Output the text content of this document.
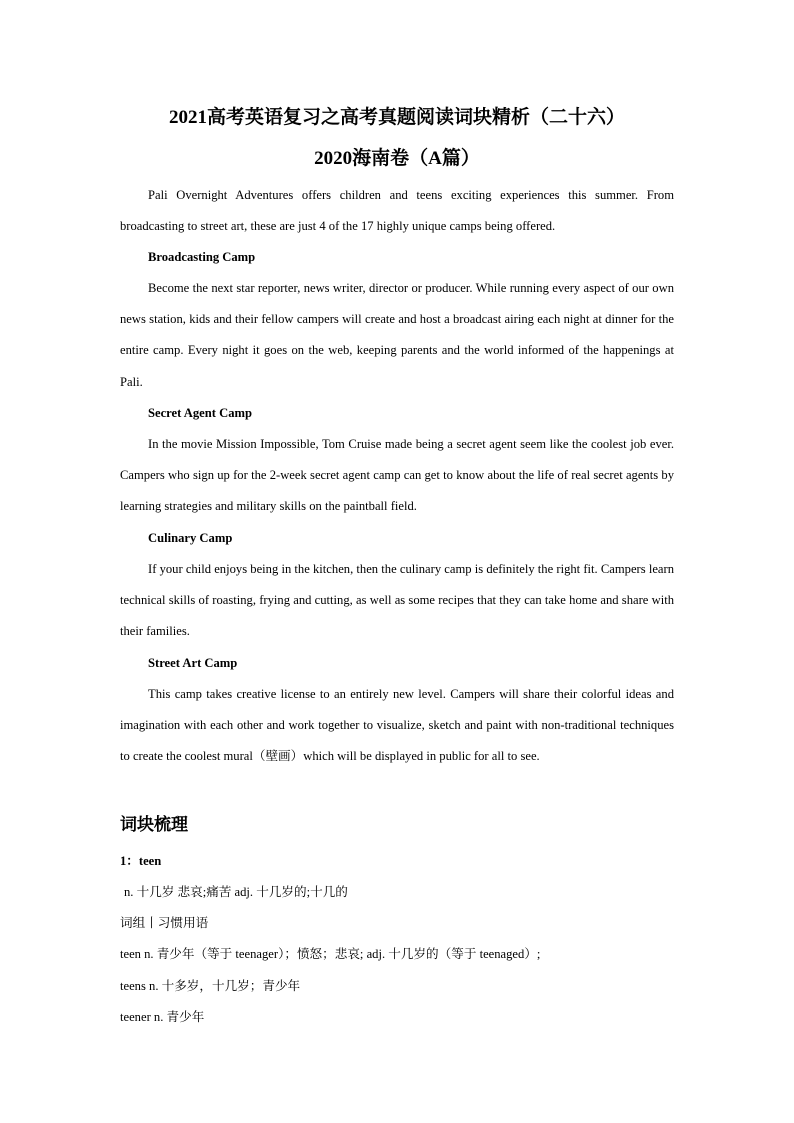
2021高考英语复习之高考真题阅读词块精析（二十六）
2020海南卷（A篇）

Pali Overnight Adventures offers children and teens exciting experiences this summer. From broadcasting to street art, these are just 4 of the 17 highly unique camps being offered.

Broadcasting Camp

Become the next star reporter, news writer, director or producer. While running every aspect of our own news station, kids and their fellow campers will create and host a broadcast airing each night at dinner for the entire camp. Every night it goes on the web, keeping parents and the world informed of the happenings at Pali.

Secret Agent Camp

In the movie Mission Impossible, Tom Cruise made being a secret agent seem like the coolest job ever. Campers who sign up for the 2-week secret agent camp can get to know about the life of real secret agents by learning strategies and military skills on the paintball field.

Culinary Camp

If your child enjoys being in the kitchen, then the culinary camp is definitely the right fit. Campers learn technical skills of roasting, frying and cutting, as well as some recipes that they can take home and share with their families.

Street Art Camp

This camp takes creative license to an entirely new level. Campers will share their colorful ideas and imagination with each other and work together to visualize, sketch and paint with non-traditional techniques to create the coolest mural（壁画）which will be displayed in public for all to see.

词块梳理
1：teen
n. 十几岁 悲哀;痛苦 adj. 十几岁的;十几的
词组丨习惯用语
teen n. 青少年（等于 teenager）；愤怒；悲哀; adj. 十几岁的（等于 teenaged）;
teens n. 十多岁，十几岁；青少年
teener n. 青少年
